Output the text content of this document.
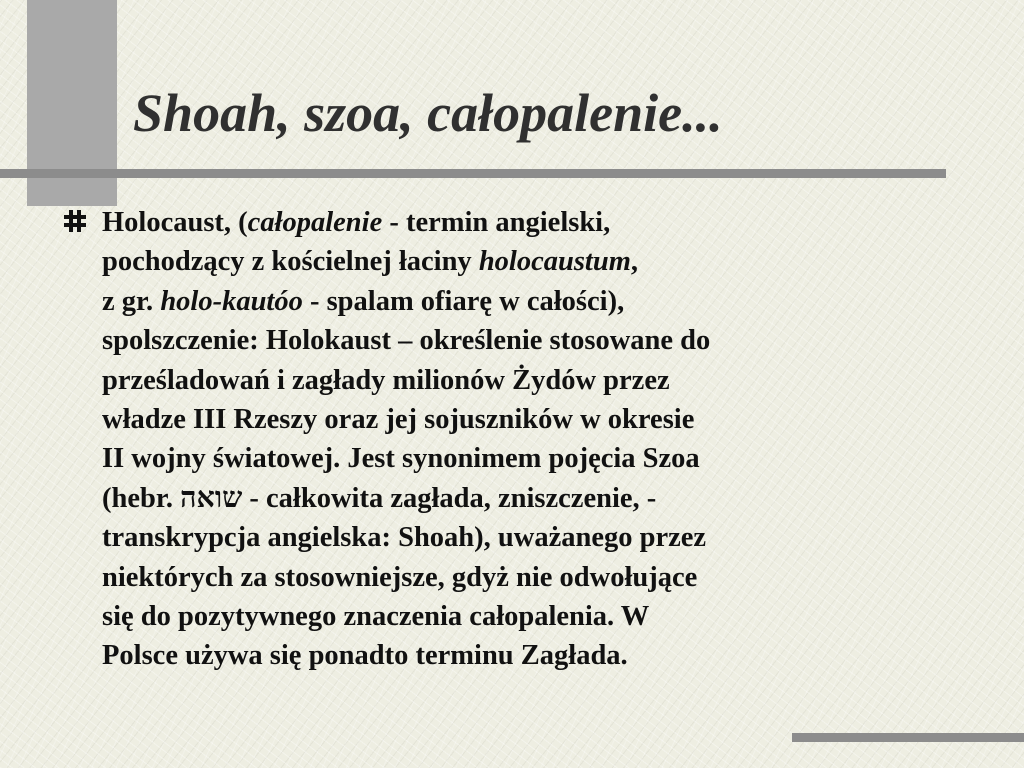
Shoah, szoa, całopalenie...

Holocaust, (całopalenie - termin angielski,
pochodzący z kościelnej łaciny holocaustum,
z gr. holo-kautóo - spalam ofiarę w całości),
spolszczenie: Holokaust – określenie stosowane do
prześladowań i zagłady milionów Żydów przez
władze III Rzeszy oraz jej sojuszników w okresie
II wojny światowej. Jest synonimem pojęcia Szoa
(hebr. שואה - całkowita zagłada, zniszczenie, -
transkrypcja angielska: Shoah), uważanego przez
niektórych za stosowniejsze, gdyż nie odwołujące
się do pozytywnego znaczenia całopalenia. W
Polsce używa się ponadto terminu Zagłada.
